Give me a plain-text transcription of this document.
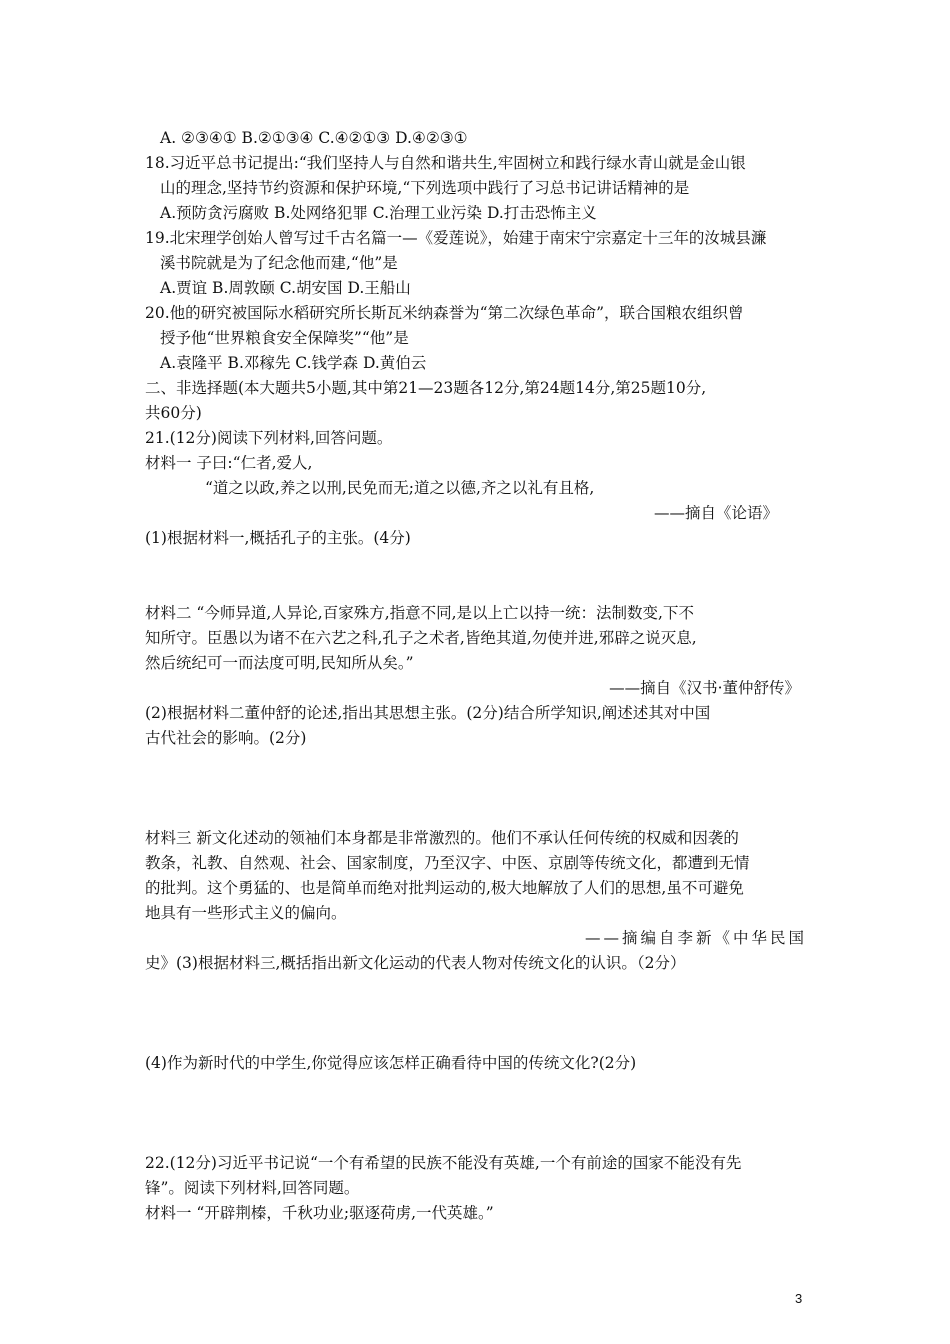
A. ②③④① B.②①③④ C.④②①③ D.④②③①
18.习近平总书记提出:“我们坚持人与自然和谐共生,牢固树立和践行绿水青山就是金山银
山的理念,坚持节约资源和保护环境,“下列选项中践行了习总书记讲话精神的是
A.预防贪污腐败 B.处网络犯罪 C.治理工业污染 D.打击恐怖主义
19.北宋理学创始人曾写过千古名篇一—《爱莲说》，始建于南宋宁宗嘉定十三年的汝城县濂
溪书院就是为了纪念他而建,“他”是
A.贾谊 B.周敦颐 C.胡安国 D.王船山
20.他的研究被国际水稻研究所长斯瓦米纳森誉为“第二次绿色革命”，联合国粮农组织曾
授予他“世界粮食安全保障奖”“他”是
A.袁隆平 B.邓稼先 C.钱学森 D.黄伯云
二、非选择题(本大题共5小题,其中第21—23题各12分,第24题14分,第25题10分,
共60分)
21.(12分)阅读下列材料,回答问题。
材料一 子曰:“仁者,爱人,
“道之以政,养之以刑,民免而无;道之以德,齐之以礼有且格,
——摘自《论语》
(1)根据材料一,概括孔子的主张。(4分)
材料二 “今师异道,人异论,百家殊方,指意不同,是以上亡以持一统：法制数变,下不
知所守。臣愚以为诸不在六艺之科,孔子之术者,皆绝其道,勿使并进,邪辟之说灭息,
然后统纪可一而法度可明,民知所从矣。”
——摘自《汉书·董仲舒传》
(2)根据材料二董仲舒的论述,指出其思想主张。(2分)结合所学知识,阐述述其对中国
古代社会的影响。(2分)
材料三 新文化述动的领袖们本身都是非常激烈的。他们不承认任何传统的权威和因袭的
教条，礼教、自然观、社会、国家制度，乃至汉字、中医、京剧等传统文化，都遭到无情
的批判。这个勇猛的、也是简单而绝对批判运动的,极大地解放了人们的思想,虽不可避免
地具有一些形式主义的偏向。
——摘编自李新《中华民国
史》(3)根据材料三,概括指出新文化运动的代表人物对传统文化的认识。（2分）
(4)作为新时代的中学生,你觉得应该怎样正确看待中国的传统文化?(2分)
22.(12分)习近平书记说“一个有希望的民族不能没有英雄,一个有前途的国家不能没有先
锋”。阅读下列材料,回答同题。
材料一 “开辟荆榛，千秋功业;驱逐荷虏,一代英雄。”
3
